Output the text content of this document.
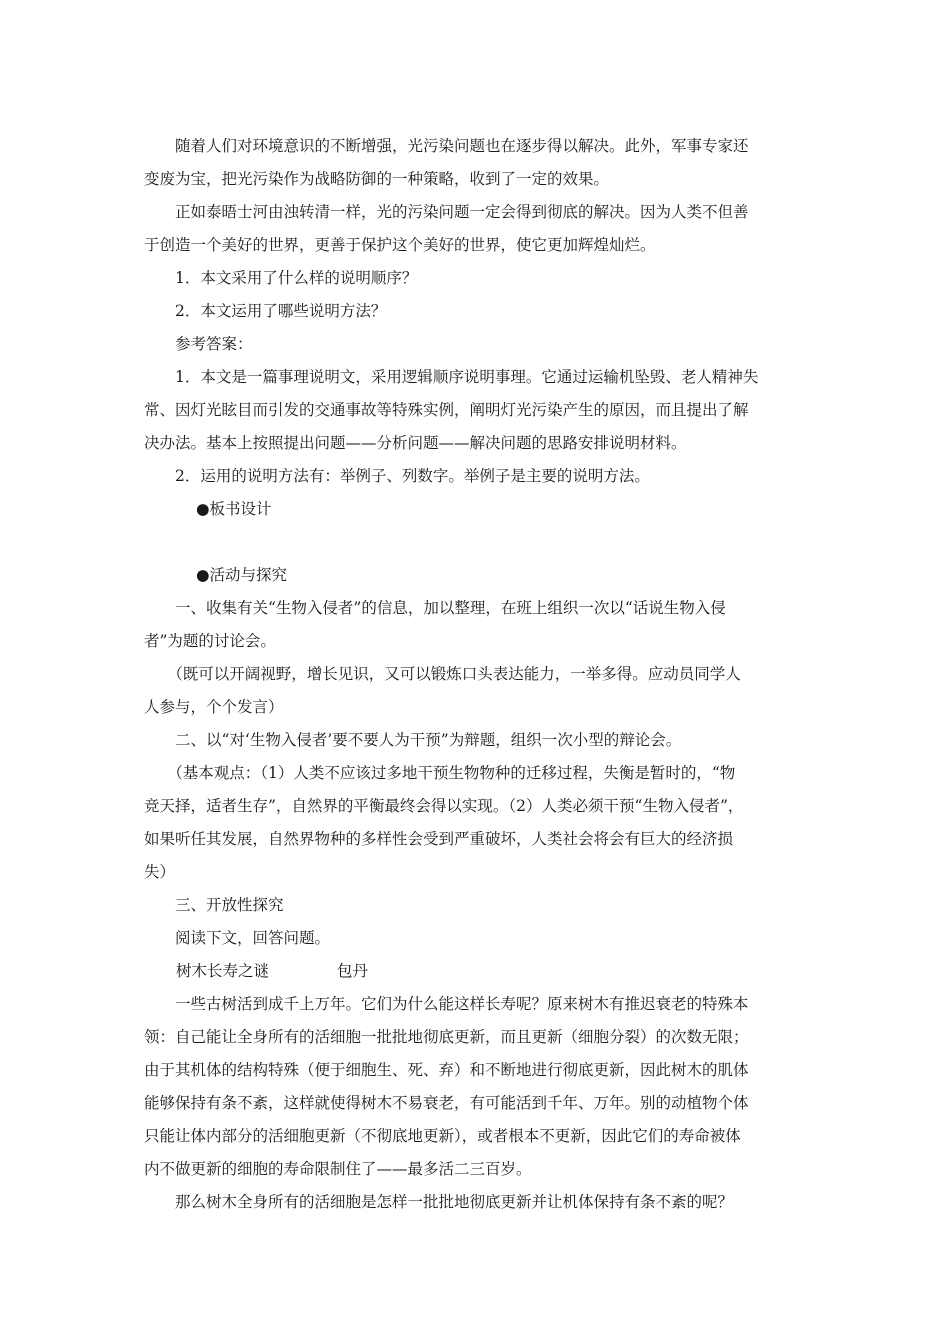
　　随着人们对环境意识的不断增强，光污染问题也在逐步得以解决。此外，军事专家还
变废为宝，把光污染作为战略防御的一种策略，收到了一定的效果。
　　正如泰晤士河由浊转清一样，光的污染问题一定会得到彻底的解决。因为人类不但善
于创造一个美好的世界，更善于保护这个美好的世界，使它更加辉煌灿烂。
　　1．本文采用了什么样的说明顺序？
　　2．本文运用了哪些说明方法？
　　参考答案：
　　1．本文是一篇事理说明文，采用逻辑顺序说明事理。它通过运输机坠毁、老人精神失
常、因灯光眩目而引发的交通事故等特殊实例，阐明灯光污染产生的原因，而且提出了解
决办法。基本上按照提出问题——分析问题——解决问题的思路安排说明材料。
　　2．运用的说明方法有：举例子、列数字。举例子是主要的说明方法。
●板书设计
●活动与探究
　　一、收集有关“生物入侵者”的信息，加以整理，在班上组织一次以“话说生物入侵
者”为题的讨论会。
　　（既可以开阔视野，增长见识，又可以锻炼口头表达能力，一举多得。应动员同学人
人参与，个个发言）
　　二、以“对‘生物入侵者’要不要人为干预”为辩题，组织一次小型的辩论会。
　　（基本观点：（1）人类不应该过多地干预生物物种的迁移过程，失衡是暂时的，“物
竞天择，适者生存”，自然界的平衡最终会得以实现。（2）人类必须干预“生物入侵者”，
如果听任其发展，自然界物种的多样性会受到严重破坏，人类社会将会有巨大的经济损
失）
　　三、开放性探究
　　阅读下文，回答问题。
树木长寿之谜	包丹
　　一些古树活到成千上万年。它们为什么能这样长寿呢？原来树木有推迟衰老的特殊本
领：自己能让全身所有的活细胞一批批地彻底更新，而且更新（细胞分裂）的次数无限；
由于其机体的结构特殊（便于细胞生、死、弃）和不断地进行彻底更新，因此树木的肌体
能够保持有条不紊，这样就使得树木不易衰老，有可能活到千年、万年。别的动植物个体
只能让体内部分的活细胞更新（不彻底地更新），或者根本不更新，因此它们的寿命被体
内不做更新的细胞的寿命限制住了——最多活二三百岁。
　　那么树木全身所有的活细胞是怎样一批批地彻底更新并让机体保持有条不紊的呢？
